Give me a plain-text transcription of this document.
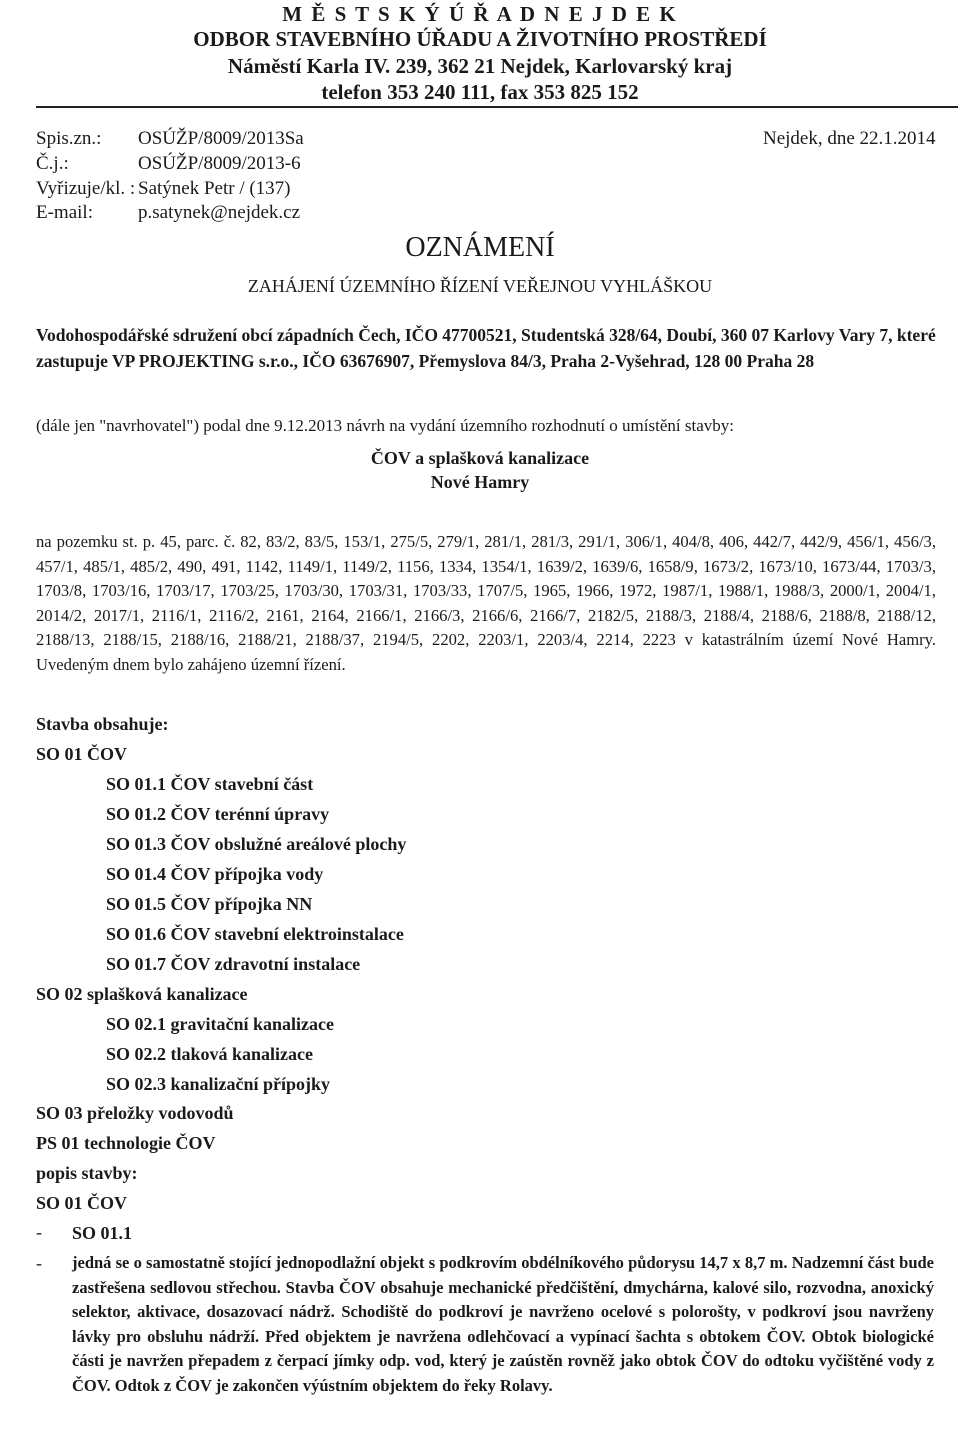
M Ě S T S K Ý Ú Ř A D N E J D E K
ODBOR STAVEBNÍHO ÚŘADU A ŽIVOTNÍHO PROSTŘEDÍ
Náměstí Karla IV. 239, 362 21 Nejdek, Karlovarský kraj
telefon 353 240 111, fax 353 825 152
Spis.zn.: OSÚŽP/8009/2013Sa
Č.j.:	OSÚŽP/8009/2013-6
Vyřizuje/kl. : Satýnek Petr / (137)
E-mail: p.satynek@nejdek.cz
Nejdek, dne 22.1.2014
OZNÁMENÍ
ZAHÁJENÍ ÚZEMNÍHO ŘÍZENÍ VEŘEJNOU VYHLÁŠKOU
Vodohospodářské sdružení obcí západních Čech, IČO 47700521, Studentská 328/64, Doubí, 360 07 Karlovy Vary 7, které zastupuje VP PROJEKTING s.r.o., IČO 63676907, Přemyslova 84/3, Praha 2-Vyšehrad, 128 00 Praha 28
(dále jen "navrhovatel") podal dne 9.12.2013 návrh na vydání územního rozhodnutí o umístění stavby:
ČOV a splašková kanalizace
Nové Hamry
na pozemku st. p. 45, parc. č. 82, 83/2, 83/5, 153/1, 275/5, 279/1, 281/1, 281/3, 291/1, 306/1, 404/8, 406, 442/7, 442/9, 456/1, 456/3, 457/1, 485/1, 485/2, 490, 491, 1142, 1149/1, 1149/2, 1156, 1334, 1354/1, 1639/2, 1639/6, 1658/9, 1673/2, 1673/10, 1673/44, 1703/3, 1703/8, 1703/16, 1703/17, 1703/25, 1703/30, 1703/31, 1703/33, 1707/5, 1965, 1966, 1972, 1987/1, 1988/1, 1988/3, 2000/1, 2004/1, 2014/2, 2017/1, 2116/1, 2116/2, 2161, 2164, 2166/1, 2166/3, 2166/6, 2166/7, 2182/5, 2188/3, 2188/4, 2188/6, 2188/8, 2188/12, 2188/13, 2188/15, 2188/16, 2188/21, 2188/37, 2194/5, 2202, 2203/1, 2203/4, 2214, 2223 v katastrálním území Nové Hamry. Uvedeným dnem bylo zahájeno územní řízení.
Stavba obsahuje:
SO 01 ČOV
SO 01.1 ČOV stavební část
SO 01.2 ČOV terénní úpravy
SO 01.3 ČOV obslužné areálové plochy
SO 01.4 ČOV přípojka vody
SO 01.5 ČOV přípojka NN
SO 01.6 ČOV stavební elektroinstalace
SO 01.7 ČOV zdravotní instalace
SO 02 splašková kanalizace
SO 02.1 gravitační kanalizace
SO 02.2 tlaková kanalizace
SO 02.3 kanalizační přípojky
SO 03 přeložky vodovodů
PS 01 technologie ČOV
popis stavby:
SO 01 ČOV
- SO 01.1
- jedná se o samostatně stojící jednopodlažní objekt s podkrovím obdélníkového půdorysu 14,7 x 8,7 m. Nadzemní část bude zastřešena sedlovou střechou. Stavba ČOV obsahuje mechanické předčištění, dmychárna, kalové silo, rozvodna, anoxický selektor, aktivace, dosazovací nádrž. Schodiště do podkroví je navrženo ocelové s polorošty, v podkroví jsou navrženy lávky pro obsluhu nádrží. Před objektem je navržena odlehčovací a vypínací šachta s obtokem ČOV. Obtok biologické části je navržen přepadem z čerpací jímky odp. vod, který je zaústěn rovněž jako obtok ČOV do odtoku vyčištěné vody z ČOV. Odtok z ČOV je zakončen výústním objektem do řeky Rolavy.
